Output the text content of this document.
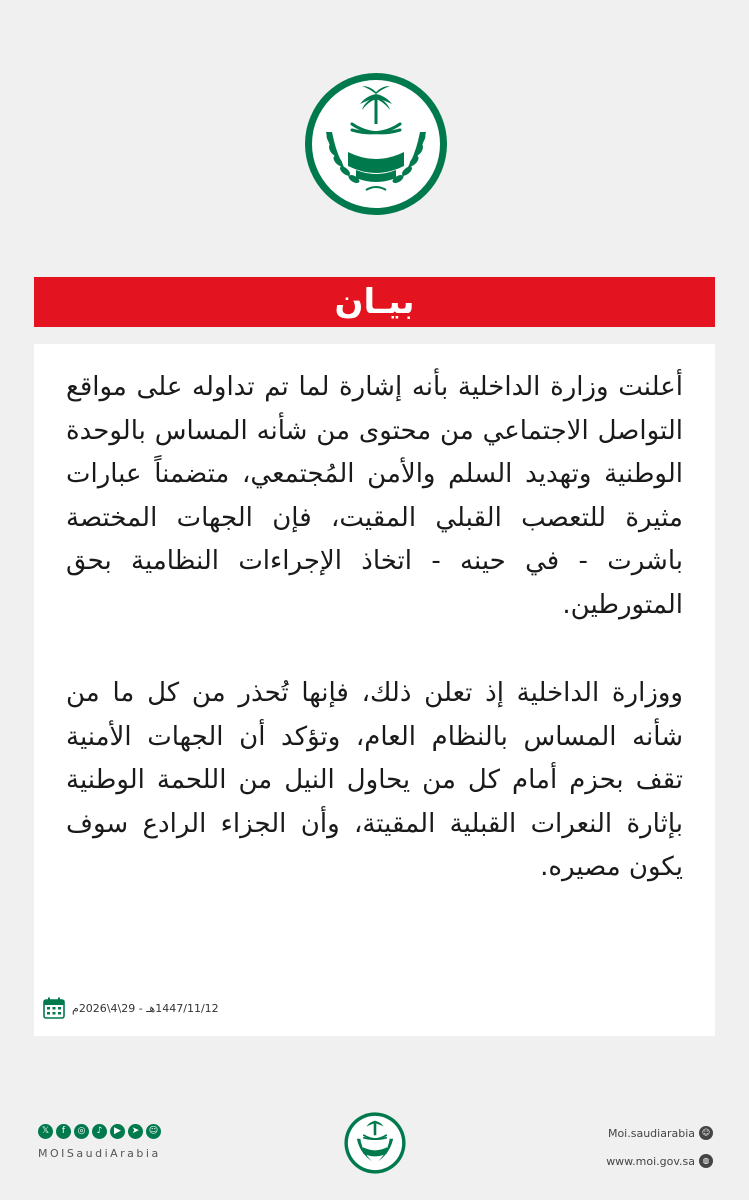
بيـان

أعلنت وزارة الداخلية بأنه إشارة لما تم تداوله على مواقع التواصل الاجتماعي من محتوى من شأنه المساس بالوحدة الوطنية وتهديد السلم والأمن المُجتمعي، متضمناً عبارات مثيرة للتعصب القبلي المقيت، فإن الجهات المختصة باشرت - في حينه - اتخاذ الإجراءات النظامية بحق المتورطين.

ووزارة الداخلية إذ تعلن ذلك، فإنها تُحذر من كل ما من شأنه المساس بالنظام العام، وتؤكد أن الجهات الأمنية تقف بحزم أمام كل من يحاول النيل من اللحمة الوطنية بإثارة النعرات القبلية المقيتة، وأن الجزاء الرادع سوف يكون مصيره.

1447/11/12هـ - 29\4\2026م
𝕏	f	◎	♪	▶	➤	☺
MOISaudiArabia
Moi.saudiarabia ☺
www.moi.gov.sa ◍
